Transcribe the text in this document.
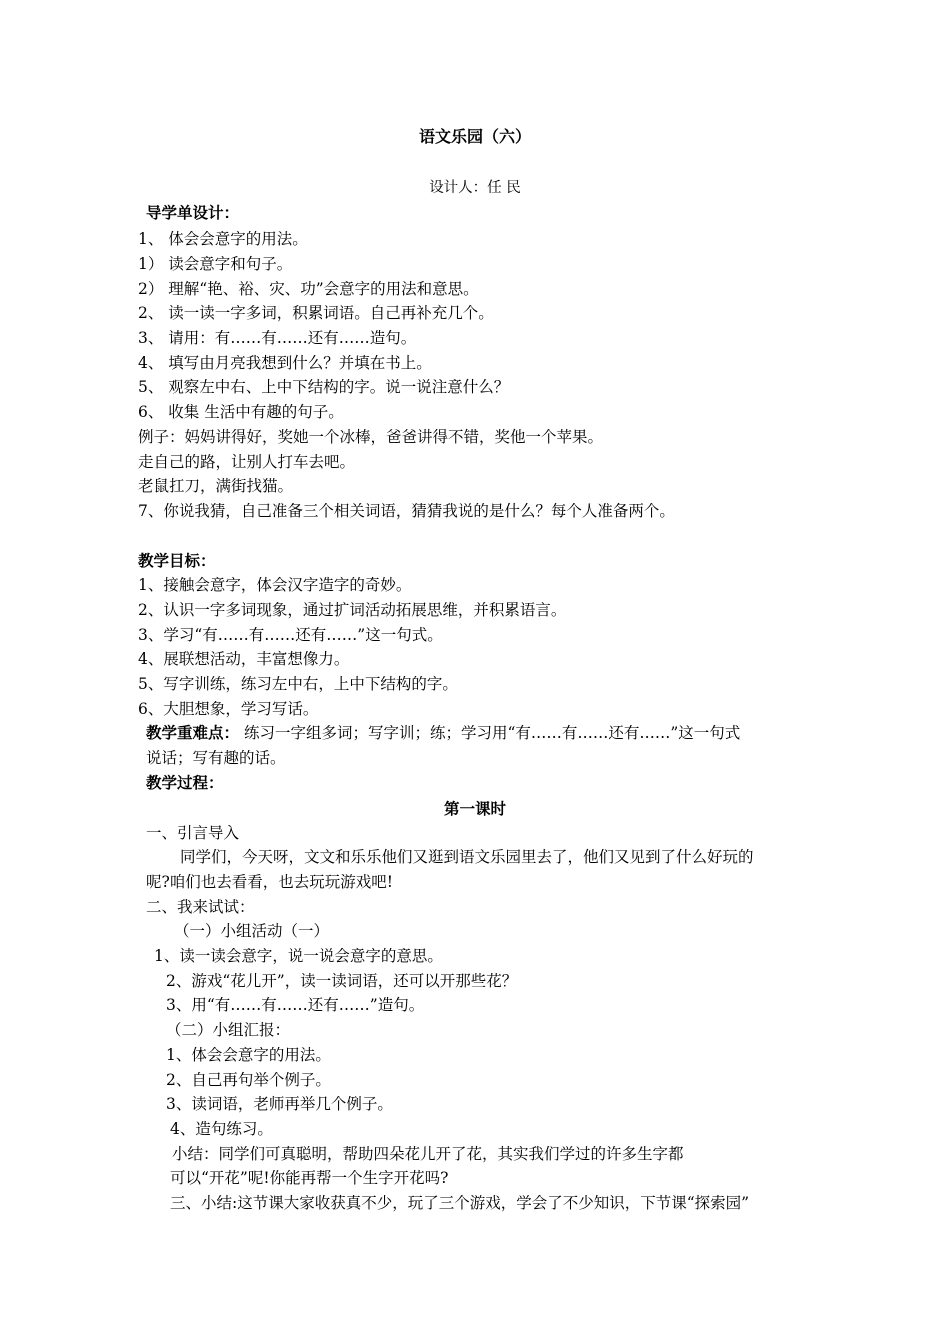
语文乐园（六）
设计人：任 民
导学单设计：
1、 体会会意字的用法。
1） 读会意字和句子。
2） 理解“艳、裕、灾、功”会意字的用法和意思。
2、 读一读一字多词，积累词语。自己再补充几个。
3、 请用：有……有……还有……造句。
4、 填写由月亮我想到什么？并填在书上。
5、 观察左中右、上中下结构的字。说一说注意什么？
6、 收集 生活中有趣的句子。
例子：妈妈讲得好，奖她一个冰棒，爸爸讲得不错，奖他一个苹果。
走自己的路，让别人打车去吧。
老鼠扛刀，满街找猫。
7、你说我猜，自己准备三个相关词语，猜猜我说的是什么？每个人准备两个。
教学目标：
1、接触会意字，体会汉字造字的奇妙。
2、认识一字多词现象，通过扩词活动拓展思维，并积累语言。
3、学习“有……有……还有……”这一句式。
4、展联想活动，丰富想像力。
5、写字训练，练习左中右，上中下结构的字。
6、大胆想象，学习写话。
教学重难点： 练习一字组多词；写字训；练；学习用“有……有……还有……”这一句式
说话；写有趣的话。
教学过程：
第一课时
一、引言导入
同学们，今天呀，文文和乐乐他们又逛到语文乐园里去了，他们又见到了什么好玩的
呢?咱们也去看看，也去玩玩游戏吧!
二、我来试试：
（一）小组活动（一）
1、读一读会意字，说一说会意字的意思。
2、游戏“花儿开”，读一读词语，还可以开那些花？
3、用“有……有……还有……”造句。
（二）小组汇报：
1、体会会意字的用法。
2、自己再句举个例子。
3、读词语，老师再举几个例子。
4、造句练习。
小结：同学们可真聪明，帮助四朵花儿开了花，其实我们学过的许多生字都
可以“开花”呢!你能再帮一个生字开花吗?
三、小结:这节课大家收获真不少，玩了三个游戏，学会了不少知识，下节课“探索园”
